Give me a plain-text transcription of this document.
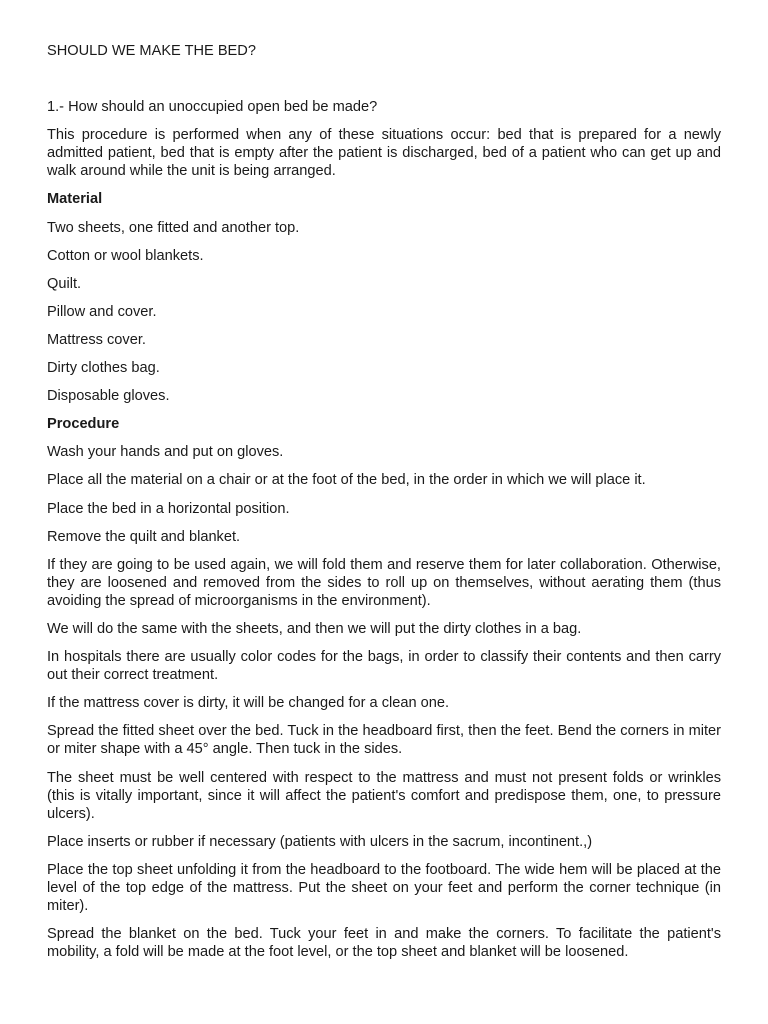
SHOULD WE MAKE THE BED?

1.- How should an unoccupied open bed be made?

This procedure is performed when any of these situations occur: bed that is prepared for a newly admitted patient, bed that is empty after the patient is discharged, bed of a patient who can get up and walk around while the unit is being arranged.

Material

Two sheets, one fitted and another top.

Cotton or wool blankets.

Quilt.

Pillow and cover.

Mattress cover.

Dirty clothes bag.

Disposable gloves.

Procedure

Wash your hands and put on gloves.

Place all the material on a chair or at the foot of the bed, in the order in which we will place it.

Place the bed in a horizontal position.

Remove the quilt and blanket.

If they are going to be used again, we will fold them and reserve them for later collaboration. Otherwise, they are loosened and removed from the sides to roll up on themselves, without aerating them (thus avoiding the spread of microorganisms in the environment).

We will do the same with the sheets, and then we will put the dirty clothes in a bag.

In hospitals there are usually color codes for the bags, in order to classify their contents and then carry out their correct treatment.

If the mattress cover is dirty, it will be changed for a clean one.

Spread the fitted sheet over the bed. Tuck in the headboard first, then the feet. Bend the corners in miter or miter shape with a 45° angle. Then tuck in the sides.

The sheet must be well centered with respect to the mattress and must not present folds or wrinkles (this is vitally important, since it will affect the patient's comfort and predispose them, one, to pressure ulcers).

Place inserts or rubber if necessary (patients with ulcers in the sacrum, incontinent.,)

Place the top sheet unfolding it from the headboard to the footboard. The wide hem will be placed at the level of the top edge of the mattress. Put the sheet on your feet and perform the corner technique (in miter).

Spread the blanket on the bed. Tuck your feet in and make the corners. To facilitate the patient's mobility, a fold will be made at the foot level, or the top sheet and blanket will be loosened.
